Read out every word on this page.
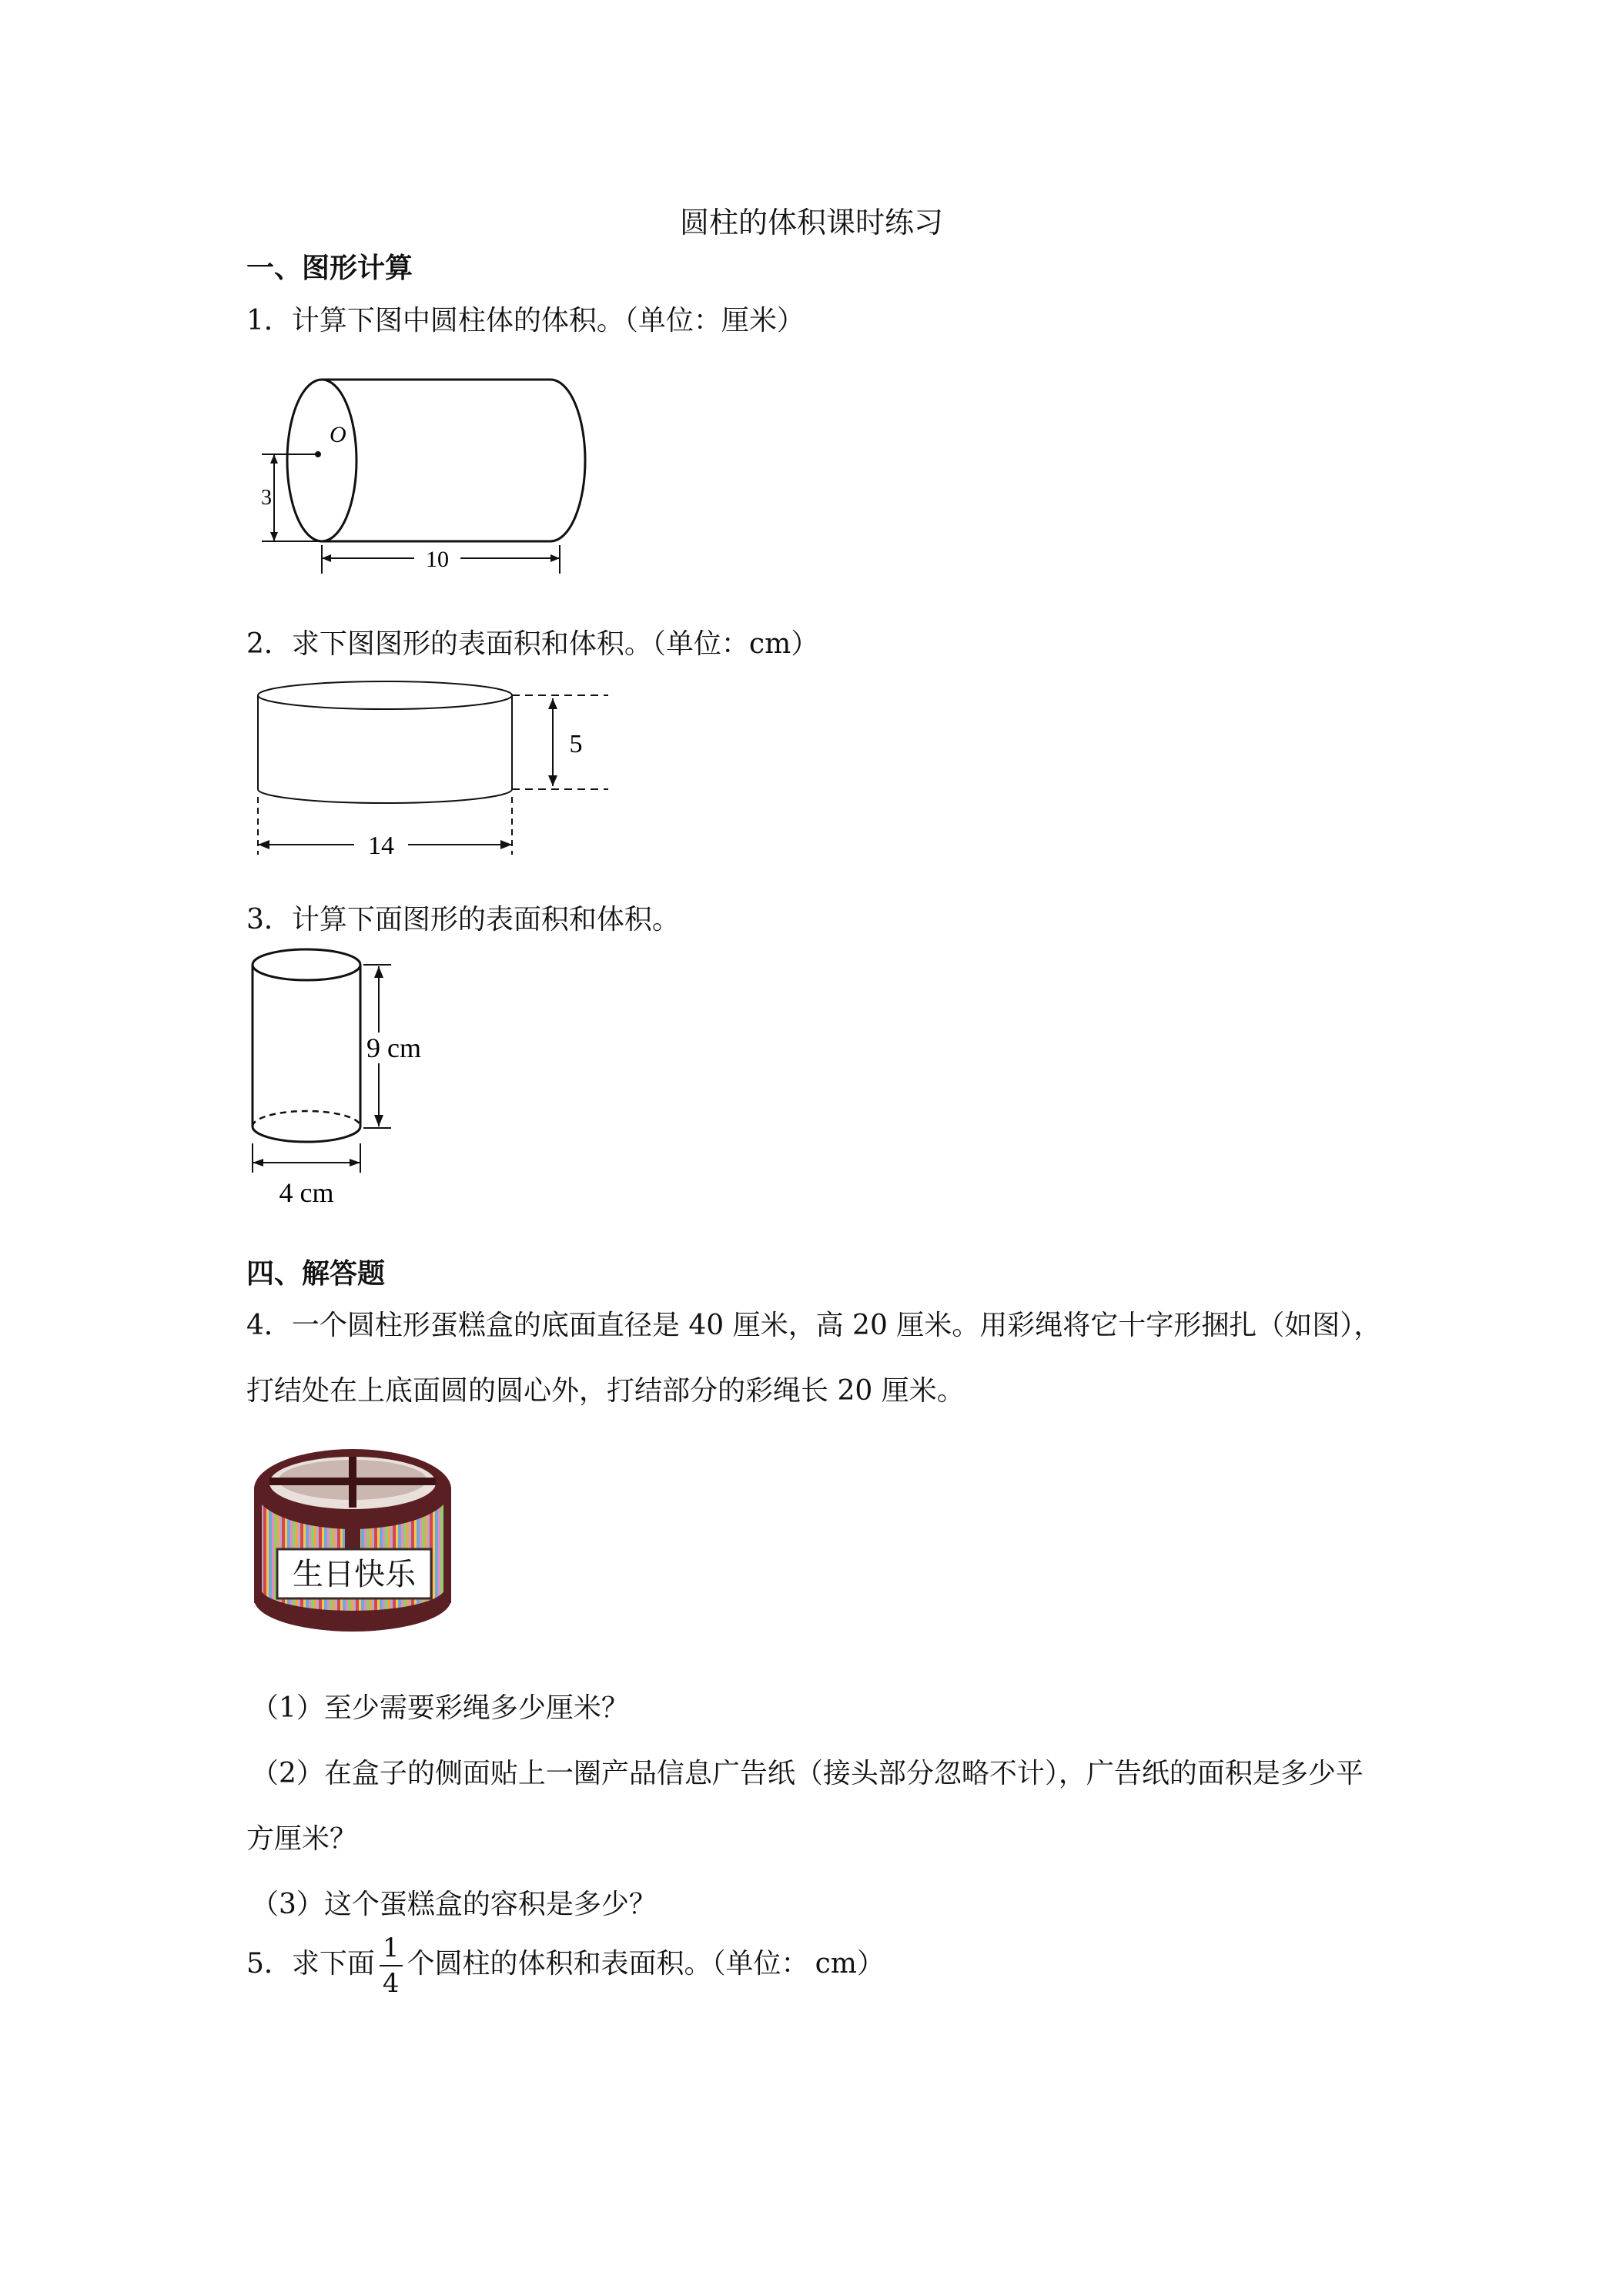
圆柱的体积课时练习
一、图形计算
1．计算下图中圆柱体的体积。（单位：厘米）
O
3
10
2．求下图图形的表面积和体积。（单位：cm）
5
14
3．计算下面图形的表面积和体积。
9 cm
4 cm
四、解答题
4．一个圆柱形蛋糕盒的底面直径是 40 厘米，高 20 厘米。用彩绳将它十字形捆扎（如图），
打结处在上底面圆的圆心外，打结部分的彩绳长 20 厘米。
生日快乐
（1）至少需要彩绳多少厘米？
（2）在盒子的侧面贴上一圈产品信息广告纸（接头部分忽略不计），广告纸的面积是多少平
方厘米？
（3）这个蛋糕盒的容积是多少？
5．求下面 $\frac{1}{4}$ 个圆柱的体积和表面积。（单位： cm）
